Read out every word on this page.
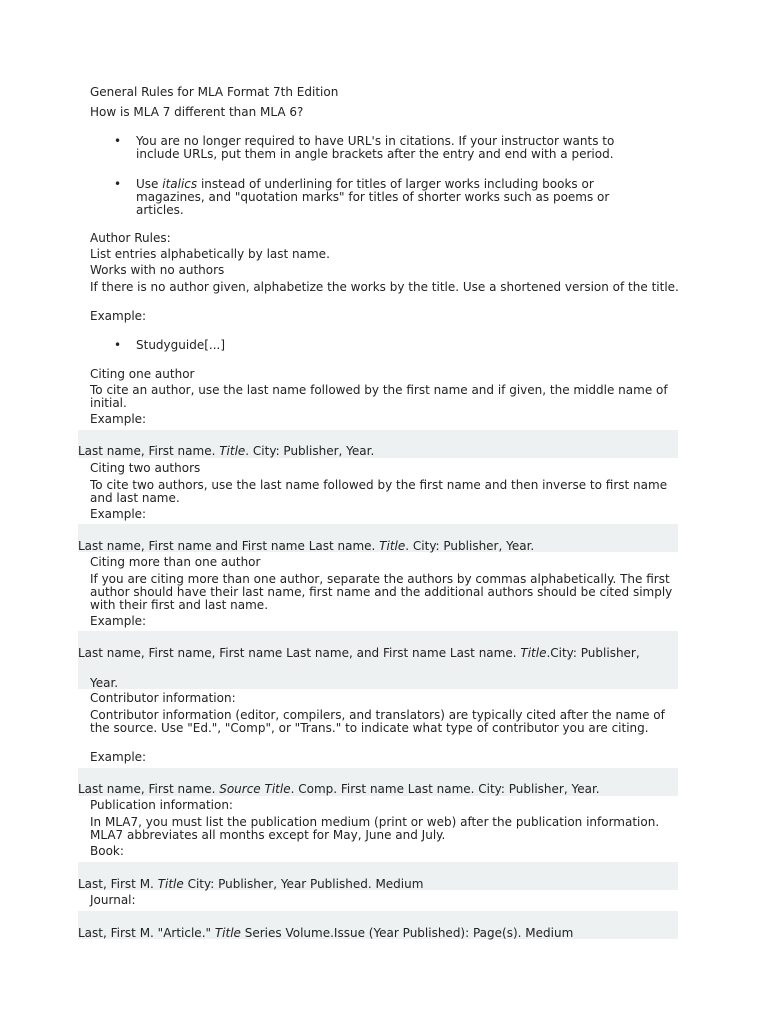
General Rules for MLA Format 7th Edition
How is MLA 7 different than MLA 6?
• You are no longer required to have URL's in citations. If your instructor wants to include URLs, put them in angle brackets after the entry and end with a period.
• Use italics instead of underlining for titles of larger works including books or magazines, and "quotation marks" for titles of shorter works such as poems or articles.
Author Rules:
List entries alphabetically by last name.
Works with no authors
If there is no author given, alphabetize the works by the title. Use a shortened version of the title.
Example:
• Studyguide[...]
Citing one author
To cite an author, use the last name followed by the first name and if given, the middle name of initial.
Example:
Last name, First name. Title. City: Publisher, Year.
Citing two authors
To cite two authors, use the last name followed by the first name and then inverse to first name and last name.
Example:
Last name, First name and First name Last name. Title. City: Publisher, Year.
Citing more than one author
If you are citing more than one author, separate the authors by commas alphabetically. The first author should have their last name, first name and the additional authors should be cited simply with their first and last name.
Example:
Last name, First name, First name Last name, and First name Last name. Title.City: Publisher,
Year.
Contributor information:
Contributor information (editor, compilers, and translators) are typically cited after the name of the source. Use "Ed.", "Comp", or "Trans." to indicate what type of contributor you are citing.
Example:
Last name, First name. Source Title. Comp. First name Last name. City: Publisher, Year.
Publication information:
In MLA7, you must list the publication medium (print or web) after the publication information. MLA7 abbreviates all months except for May, June and July.
Book:
Last, First M. Title City: Publisher, Year Published. Medium
Journal:
Last, First M. "Article." Title Series Volume.Issue (Year Published): Page(s). Medium
